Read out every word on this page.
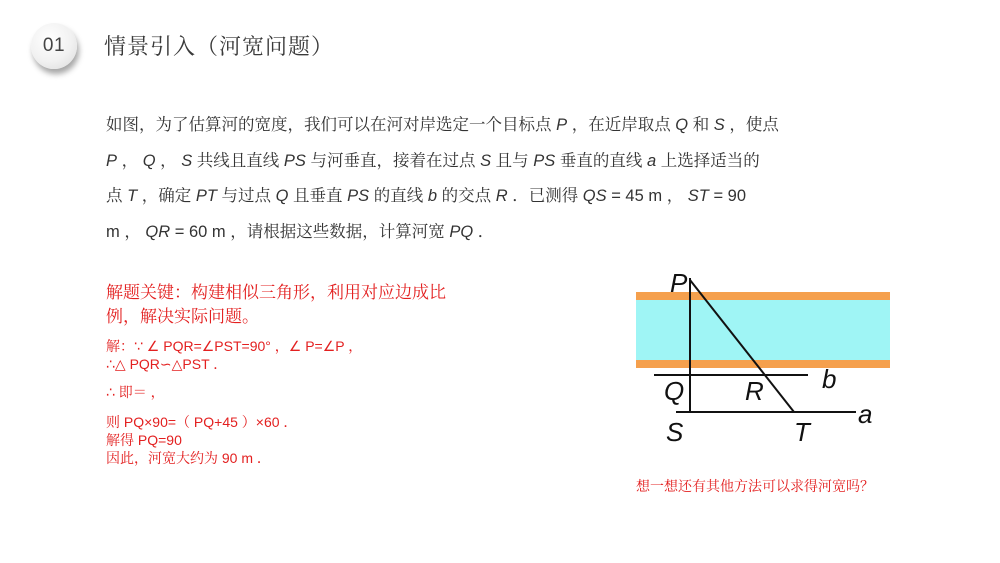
01	情景引入（河宽问题）
如图，为了估算河的宽度，我们可以在河对岸选定一个目标点 P ，在近岸取点 Q 和 S ，使点
P ， Q ， S 共线且直线 PS 与河垂直，接着在过点 S 且与 PS 垂直的直线 a 上选择适当的
点 T ，确定 PT 与过点 Q 且垂直 PS 的直线 b 的交点 R ．已测得 QS = 45 m ， ST = 90
m ， QR = 60 m ，请根据这些数据，计算河宽 PQ ．
解题关键：构建相似三角形，利用对应边成比
例，解决实际问题。
解：∵ ∠ PQR=∠PST=90° ，∠ P=∠P ，
∴△ PQR∽△PST ．
∴ 即＝ ，
则 PQ×90=（ PQ+45 ）×60 ．
解得 PQ=90
因此，河宽大约为 90 m ．
P
Q R b
a
S	T
想一想还有其他方法可以求得河宽吗？
